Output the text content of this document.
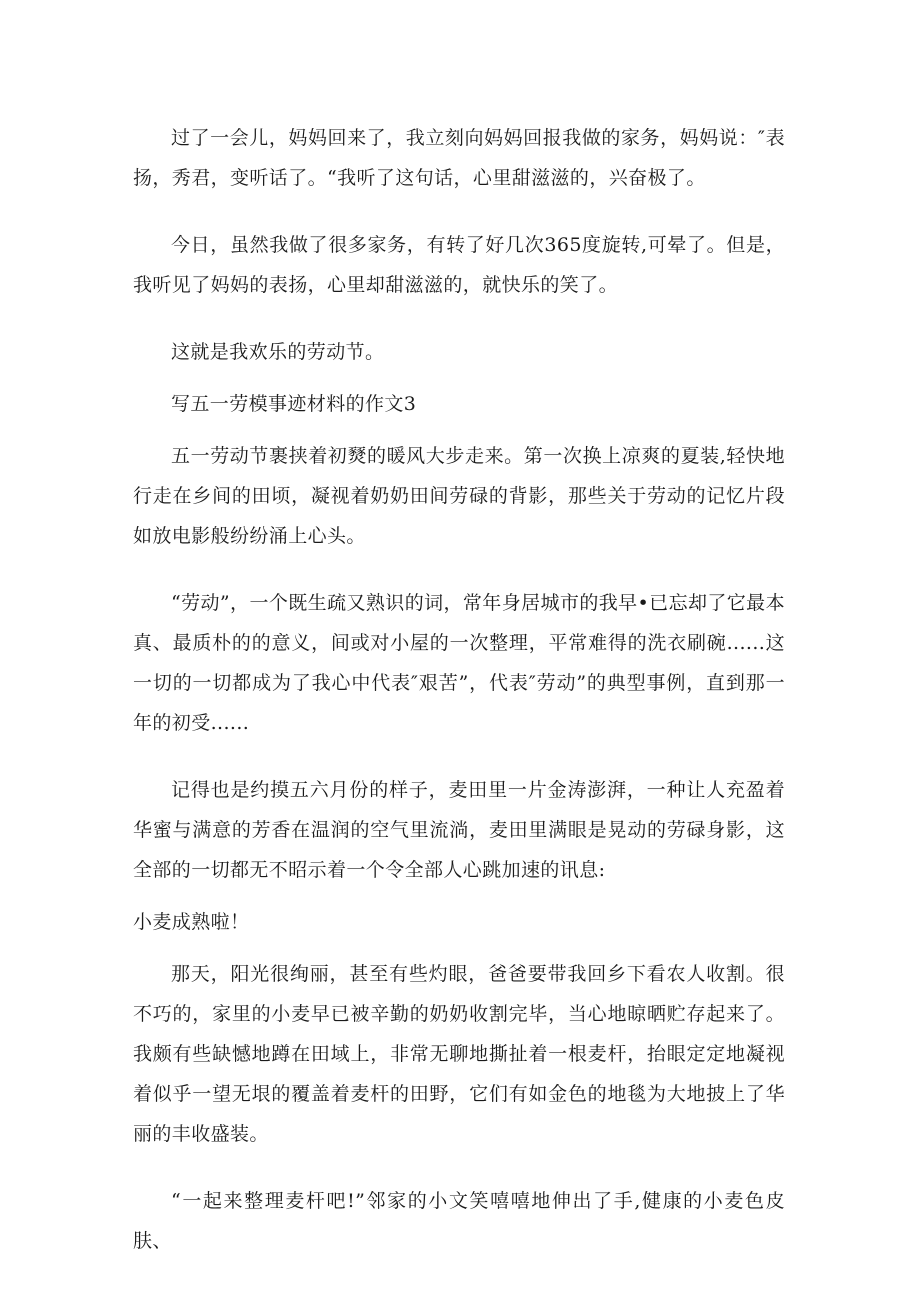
过了一会儿，妈妈回来了，我立刻向妈妈回报我做的家务，妈妈说：″表扬，秀君，变听话了。“我听了这句话，心里甜滋滋的，兴奋极了。

今日，虽然我做了很多家务，有转了好几次365度旋转,可晕了。但是，我听见了妈妈的表扬，心里却甜滋滋的，就快乐的笑了。

这就是我欢乐的劳动节。

写五一劳模事迹材料的作文3

五一劳动节裹挟着初燹的暖风大步走来。第一次换上凉爽的夏装,轻快地行走在乡间的田顷，凝视着奶奶田间劳碌的背影，那些关于劳动的记忆片段如放电影般纷纷涌上心头。

“劳动”，一个既生疏又熟识的词，常年身居城市的我早•已忘却了它最本真、最质朴的的意义，间或对小屋的一次整理，平常难得的洗衣刷碗......这一切的一切都成为了我心中代表″艰苦”，代表″劳动”的典型事例，直到那一年的初受......

记得也是约摸五六月份的样子，麦田里一片金涛澎湃，一种让人充盈着华蜜与满意的芳香在温润的空气里流淌，麦田里满眼是晃动的劳碌身影，这全部的一切都无不昭示着一个令全部人心跳加速的讯息:

小麦成熟啦！

那天，阳光很绚丽，甚至有些灼眼，爸爸要带我回乡下看农人收割。很不巧的，家里的小麦早已被辛勤的奶奶收割完毕，当心地晾晒贮存起来了。我颇有些缺憾地蹲在田域上，非常无聊地撕扯着一根麦杆，抬眼定定地凝视着似乎一望无垠的覆盖着麦杆的田野，它们有如金色的地毯为大地披上了华丽的丰收盛装。

“一起来整理麦杆吧!”邻家的小文笑嘻嘻地伸出了手,健康的小麦色皮肤、
